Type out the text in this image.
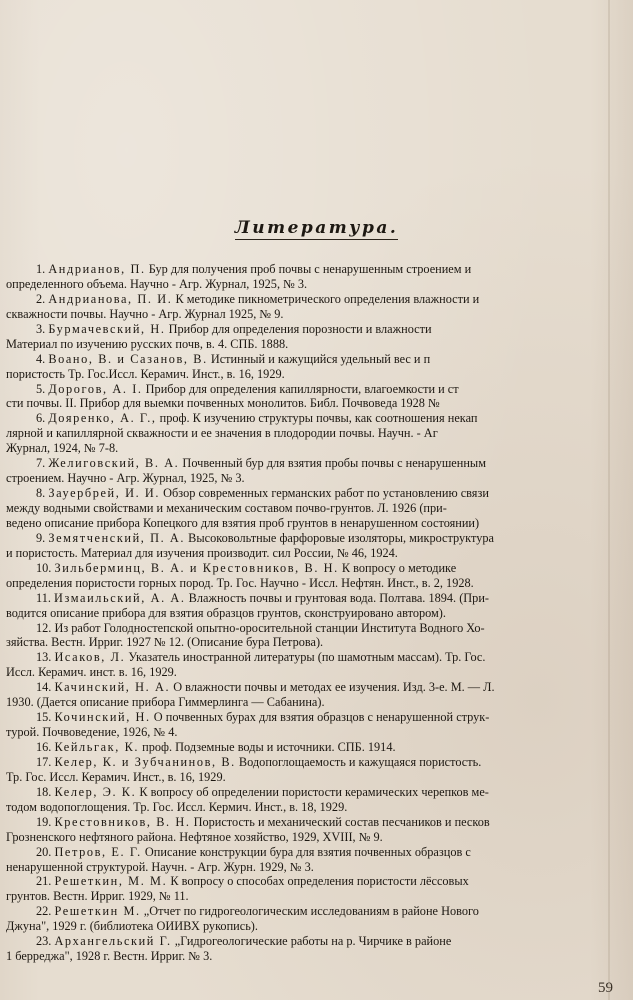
Литература.
1. Андрианов, П. Бур для получения проб почвы с ненарушенным строением и
определенного объема. Научно - Агр. Журнал, 1925, № 3.
2. Андрианова, П. И. К методике пикнометрического определения влажности и
скважности почвы. Научно - Агр. Журнал 1925, № 9.
3. Бурмачевский, Н. Прибор для определения порозности и влажности
Материал по изучению русских почв, в. 4. СПБ. 1888.
4. Воано, В. и Сазанов, В. Истинный и кажущийся удельный вес и п
пористость Тр. Гос.Иссл. Керамич. Инст., в. 16, 1929.
5. Дорогов, А. I. Прибор для определения капиллярности, влагоемкости и ст
сти почвы. II. Прибор для выемки почвенных монолитов. Библ. Почвоведа 1928 №
6. Дояренко, А. Г., проф. К изучению структуры почвы, как соотношения некап
лярной и капиллярной скважности и ее значения в плодородии почвы. Научн. - Аг
Журнал, 1924, № 7-8.
7. Желиговский, В. А. Почвенный бур для взятия пробы почвы с ненарушенным
строением. Научно - Агр. Журнал, 1925, № 3.
8. Зауербрей, И. И. Обзор современных германских работ по установлению связи
между водными свойствами и механическим составом почво-грунтов. Л. 1926 (при-
ведено описание прибора Копецкого для взятия проб грунтов в ненарушенном состоянии)
9. Земятченский, П. А. Высоковольтные фарфоровые изоляторы, микроструктура
и пористость. Материал для изучения производит. сил России, № 46, 1924.
10. Зильберминц, В. А. и Крестовников, В. Н. К вопросу о методике
определения пористости горных пород. Тр. Гос. Научно - Иссл. Нефтян. Инст., в. 2, 1928.
11. Измаильский, А. А. Влажность почвы и грунтовая вода. Полтава. 1894. (При-
водится описание прибора для взятия образцов грунтов, сконструировано автором).
12. Из работ Голодностепской опытно-оросительной станции Института Водного Хо-
зяйства. Вестн. Ирриг. 1927 № 12. (Описание бура Петрова).
13. Исаков, Л. Указатель иностранной литературы (по шамотным массам). Тр. Гос.
Иссл. Керамич. инст. в. 16, 1929.
14. Качинский, Н. А. О влажности почвы и методах ее изучения. Изд. 3-е. М. — Л.
1930. (Дается описание прибора Гиммерлинга — Сабанина).
15. Кочинский, Н. О почвенных бурах для взятия образцов с ненарушенной струк-
турой. Почвоведение, 1926, № 4.
16. Кейльгак, К. проф. Подземные воды и источники. СПБ. 1914.
17. Келер, К. и Зубчанинов, В. Водопоглощаемость и кажущаяся пористость.
Тр. Гос. Иссл. Керамич. Инст., в. 16, 1929.
18. Келер, Э. К. К вопросу об определении пористости керамических черепков ме-
тодом водопоглощения. Тр. Гос. Иссл. Кермич. Инст., в. 18, 1929.
19. Крестовников, В. Н. Пористость и механический состав песчаников и песков
Грозненского нефтяного района. Нефтяное хозяйство, 1929, XVIII, № 9.
20. Петров, Е. Г. Описание конструкции бура для взятия почвенных образцов с
ненарушенной структурой. Научн. - Агр. Журн. 1929, № 3.
21. Решеткин, М. М. К вопросу о способах определения пористости лёссовых
грунтов. Вестн. Ирриг. 1929, № 11.
22. Решеткин М. „Отчет по гидрогеологическим исследованиям в районе Нового
Джуна", 1929 г. (библиотека ОИИВХ рукопись).
23. Архангельский Г. „Гидрогеологические работы на р. Чирчике в районе
1 берреджа", 1928 г. Вестн. Ирриг. № 3.
59
